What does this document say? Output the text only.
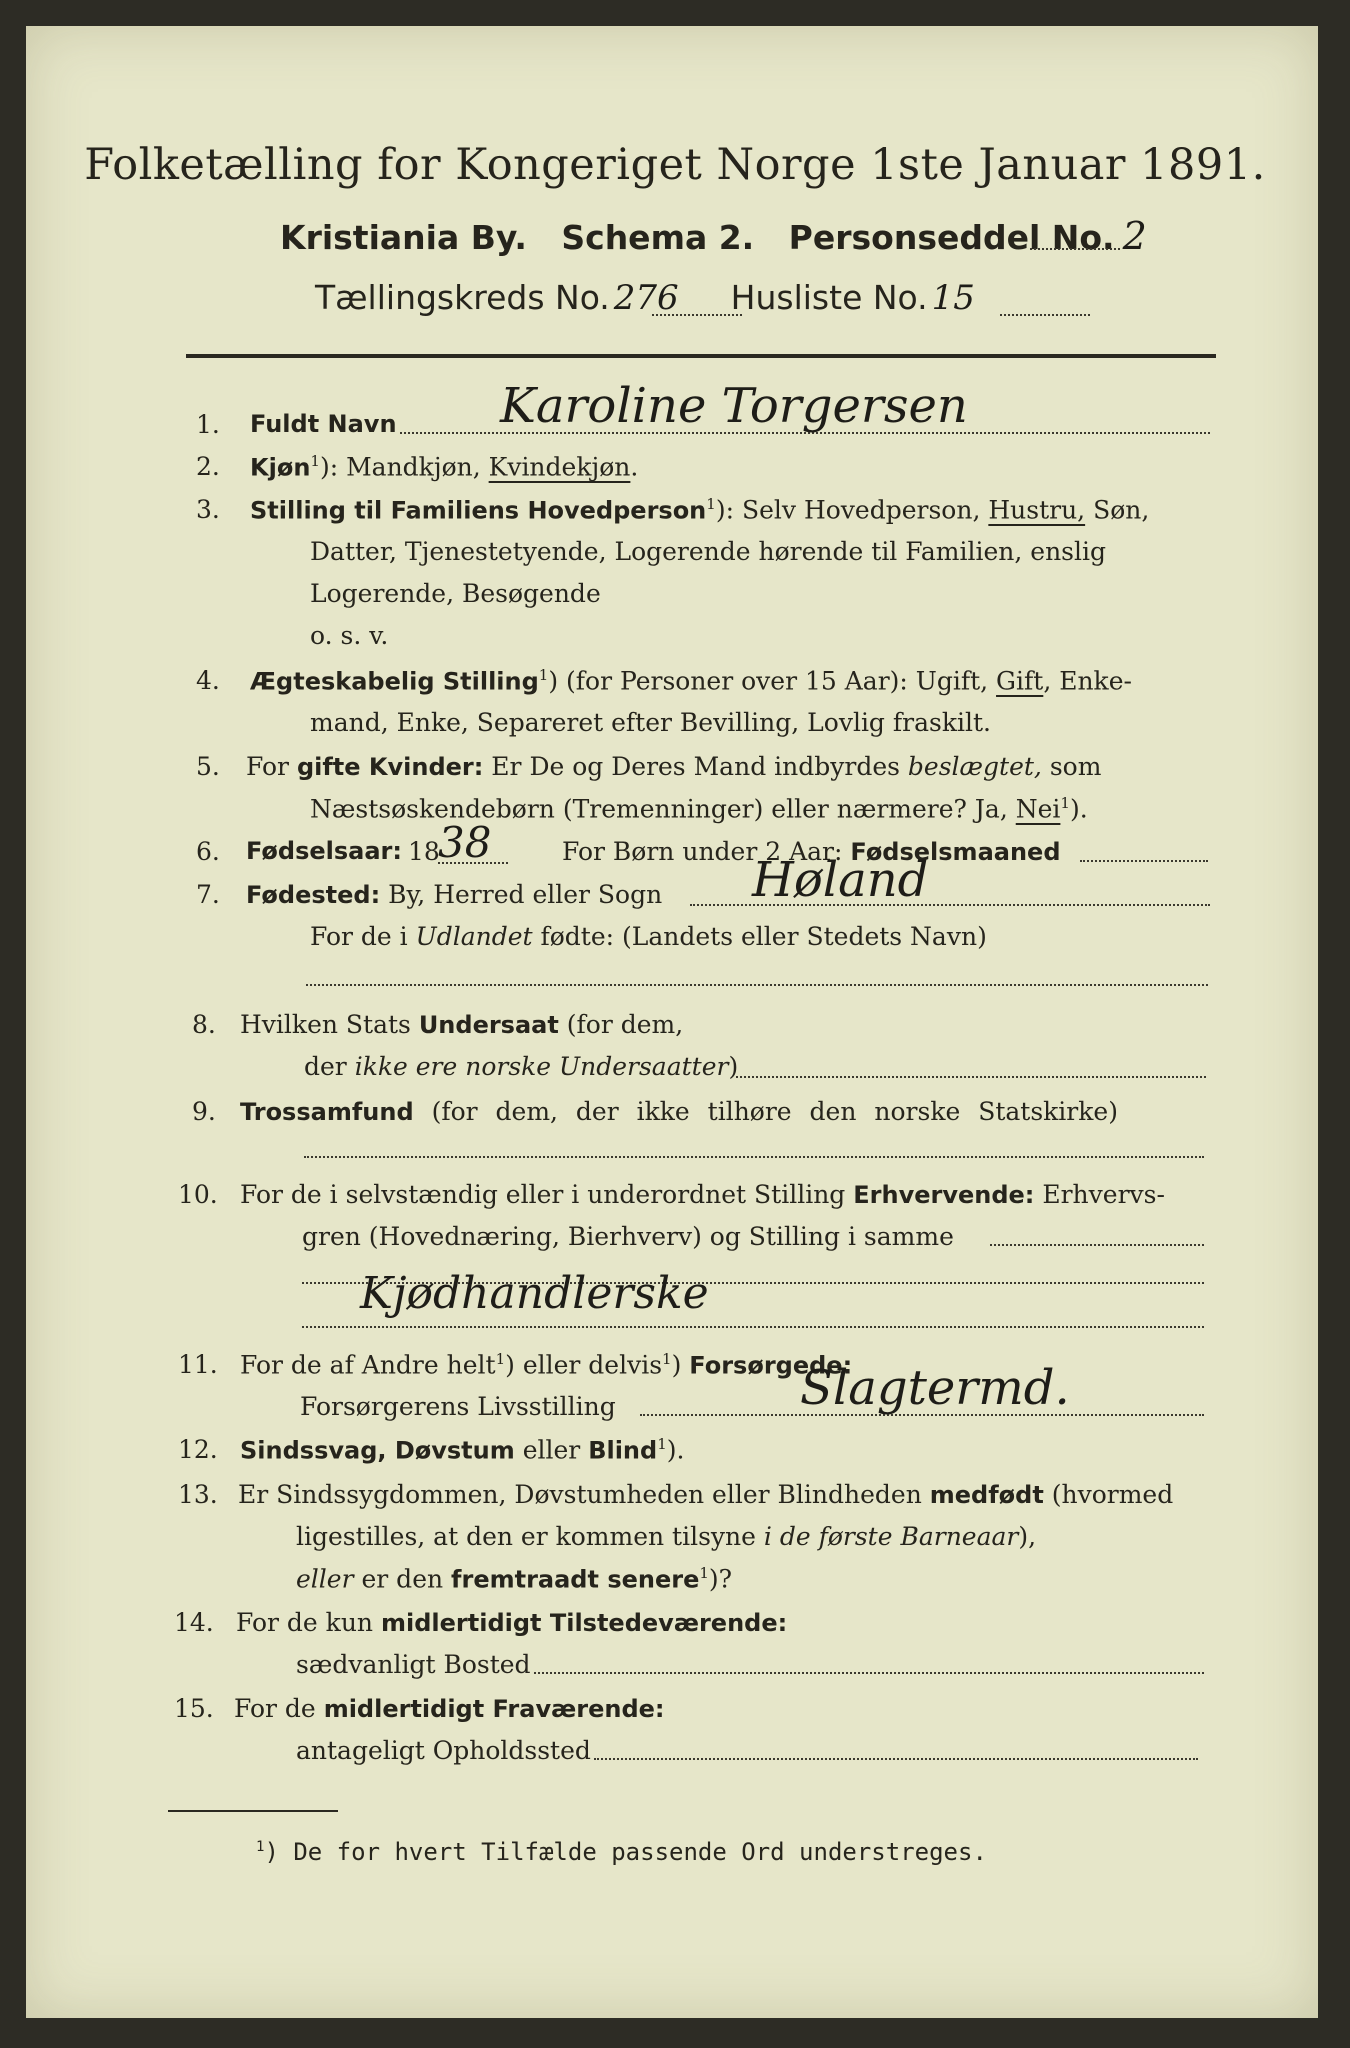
Folketælling for Kongeriget Norge 1ste Januar 1891.
Kristiania By. Schema 2. Personseddel No. 2
Tællingskreds No. 276 Husliste No. 15
1. Fuldt Navn Karoline Torgersen
2. Kjøn$^1$): Mandkjøn, Kvindekjøn.
3. Stilling til Familiens Hovedperson$^1$): Selv Hovedperson, Hustru, Søn,
Datter, Tjenestetyende, Logerende hørende til Familien, enslig
Logerende, Besøgende
o. s. v.
4. Ægteskabelig Stilling$^1$) (for Personer over 15 Aar): Ugift, Gift, Enke-
mand, Enke, Separeret efter Bevilling, Lovlig fraskilt.
5. For gifte Kvinder: Er De og Deres Mand indbyrdes beslægtet, som
Næstsøskendebørn (Tremenninger) eller nærmere? Ja, Nei$^1$).
6. Fødselsaar: 18
38	For Børn under 2 Aar: Fødselsmaaned
7. Fødested: By, Herred eller Sogn Høland
For de i Udlandet fødte: (Landets eller Stedets Navn)
8. Hvilken Stats Undersaat (for dem,
der ikke ere norske Undersaatter)
9. Trossamfund (for dem, der ikke tilhøre den norske Statskirke)
10. For de i selvstændig eller i underordnet Stilling Erhvervende: Erhvervs-
gren (Hovednæring, Bierhverv) og Stilling i samme
Kjødhandlerske
11. For de af Andre helt$^1$) eller delvis$^1$) Forsørgede:
Forsørgerens Livsstilling	Slagtermd.
12. Sindssvag, Døvstum eller Blind$^1$).
13. Er Sindssygdommen, Døvstumheden eller Blindheden medfødt (hvormed
ligestilles, at den er kommen tilsyne i de første Barneaar),
eller er den fremtraadt senere$^1$)?
14. For de kun midlertidigt Tilstedeværende:
sædvanligt Bosted
15. For de midlertidigt Fraværende:
antageligt Opholdssted
$^1$) De for hvert Tilfælde passende Ord understreges.
